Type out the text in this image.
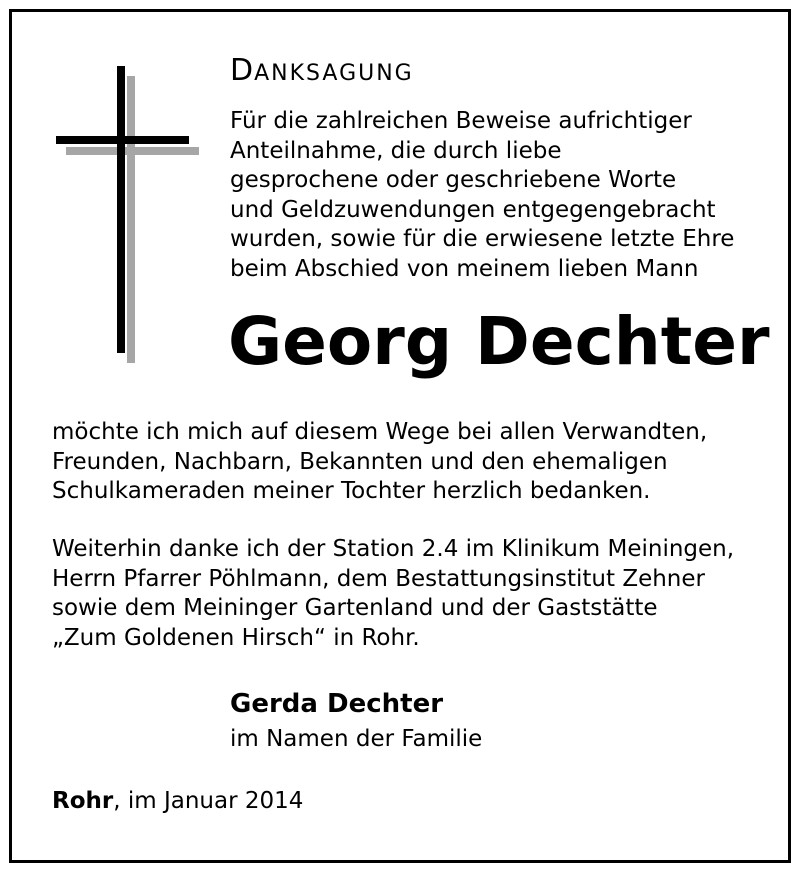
DANKSAGUNG
Für die zahlreichen Beweise aufrichtiger
Anteilnahme, die durch liebe
gesprochene oder geschriebene Worte
und Geldzuwendungen entgegengebracht
wurden, sowie für die erwiesene letzte Ehre
beim Abschied von meinem lieben Mann
Georg Dechter
möchte ich mich auf diesem Wege bei allen Verwandten,
Freunden, Nachbarn, Bekannten und den ehemaligen
Schulkameraden meiner Tochter herzlich bedanken.
Weiterhin danke ich der Station 2.4 im Klinikum Meiningen,
Herrn Pfarrer Pöhlmann, dem Bestattungsinstitut Zehner
sowie dem Meininger Gartenland und der Gaststätte
„Zum Goldenen Hirsch“ in Rohr.
Gerda Dechter
im Namen der Familie
Rohr, im Januar 2014
